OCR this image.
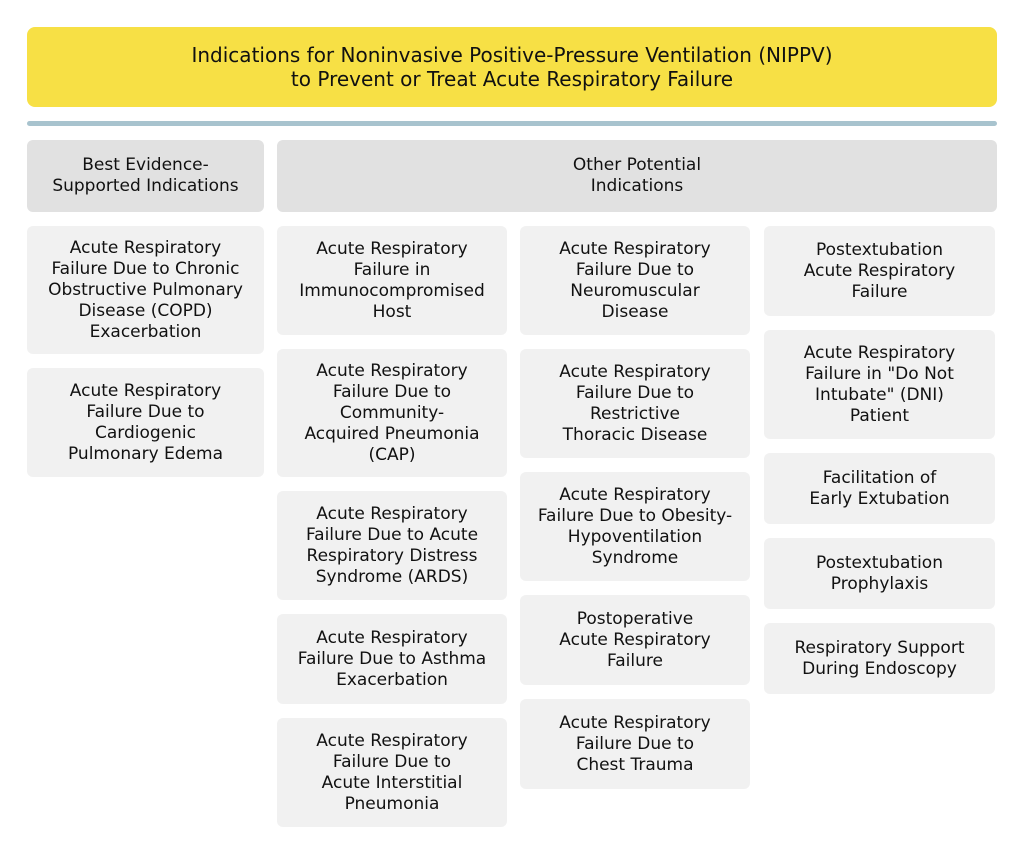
Indications for Noninvasive Positive-Pressure Ventilation (NIPPV)
to Prevent or Treat Acute Respiratory Failure
Best Evidence-
Supported Indications
Other Potential
Indications
Acute Respiratory
Failure Due to Chronic
Obstructive Pulmonary
Disease (COPD)
Exacerbation
Acute Respiratory
Failure Due to
Cardiogenic
Pulmonary Edema
Acute Respiratory
Failure in
Immunocompromised
Host
Acute Respiratory
Failure Due to
Community-
Acquired Pneumonia
(CAP)
Acute Respiratory
Failure Due to Acute
Respiratory Distress
Syndrome (ARDS)
Acute Respiratory
Failure Due to Asthma
Exacerbation
Acute Respiratory
Failure Due to
Acute Interstitial
Pneumonia
Acute Respiratory
Failure Due to
Neuromuscular
Disease
Acute Respiratory
Failure Due to
Restrictive
Thoracic Disease
Acute Respiratory
Failure Due to Obesity-
Hypoventilation
Syndrome
Postoperative
Acute Respiratory
Failure
Acute Respiratory
Failure Due to
Chest Trauma
Postextubation
Acute Respiratory
Failure
Acute Respiratory
Failure in "Do Not
Intubate" (DNI)
Patient
Facilitation of
Early Extubation
Postextubation
Prophylaxis
Respiratory Support
During Endoscopy
